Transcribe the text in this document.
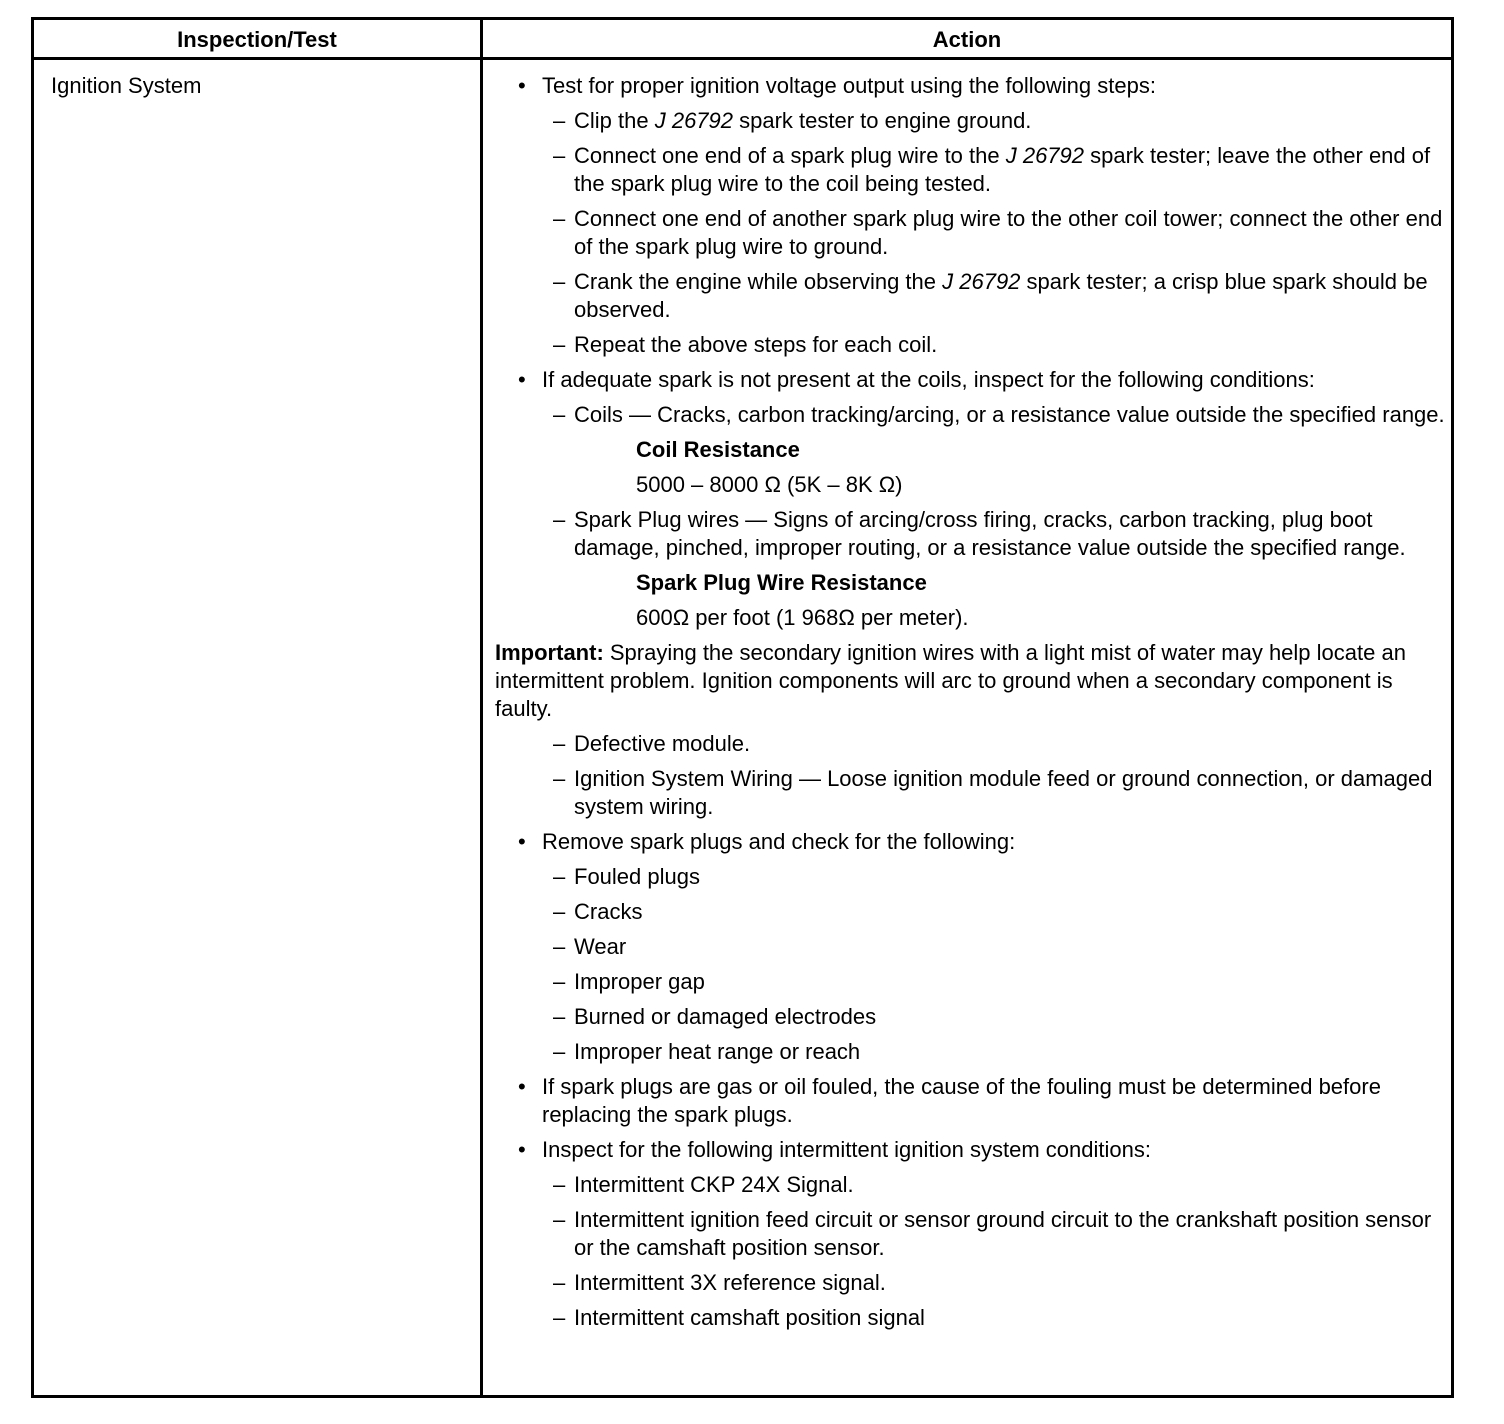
Inspection/Test	Action
Ignition System
•	Test for proper ignition voltage output using the following steps:
– Clip the J 26792 spark tester to engine ground.
– Connect one end of a spark plug wire to the J 26792 spark tester; leave the other end of the spark plug wire to the coil being tested.
– Connect one end of another spark plug wire to the other coil tower; connect the other end of the spark plug wire to ground.
– Crank the engine while observing the J 26792 spark tester; a crisp blue spark should be observed.
– Repeat the above steps for each coil.
• If adequate spark is not present at the coils, inspect for the following conditions:
– Coils — Cracks, carbon tracking/arcing, or a resistance value outside the specified range.
Coil Resistance
5000 – 8000 Ω (5K – 8K Ω)
– Spark Plug wires — Signs of arcing/cross firing, cracks, carbon tracking, plug boot damage, pinched, improper routing, or a resistance value outside the specified range.
Spark Plug Wire Resistance
600Ω per foot (1 968Ω per meter).
Important: Spraying the secondary ignition wires with a light mist of water may help locate an intermittent problem. Ignition components will arc to ground when a secondary component is faulty.
– Defective module.
– Ignition System Wiring — Loose ignition module feed or ground connection, or damaged system wiring.
• Remove spark plugs and check for the following:
– Fouled plugs
– Cracks
– Wear
– Improper gap
– Burned or damaged electrodes
– Improper heat range or reach
• If spark plugs are gas or oil fouled, the cause of the fouling must be determined before replacing the spark plugs.
• Inspect for the following intermittent ignition system conditions:
– Intermittent CKP 24X Signal.
– Intermittent ignition feed circuit or sensor ground circuit to the crankshaft position sensor or the camshaft position sensor.
– Intermittent 3X reference signal.
– Intermittent camshaft position signal
